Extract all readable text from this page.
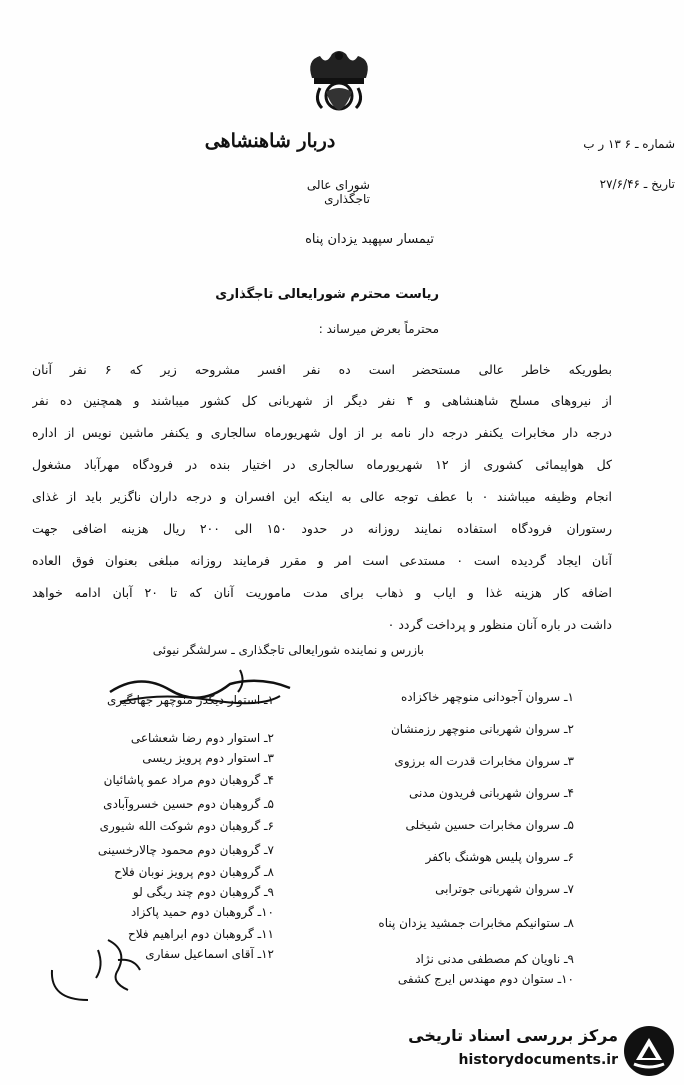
دربار شاهنشاهی
شورای عالی تاجگذاری
شماره ـ ۶ ۱۳ ر ب
تاریخ ـ ۲۷/۶/۴۶
تیمسار سپهبد یزدان پناه
ریاست محترم شورایعالی تاجگذاری
محترماً بعرض میرساند :
بطوریکه خاطر عالی مستحضر است ده نفر افسر مشروحه زیر که ۶ نفر آنان
از نیروهای مسلح شاهنشاهی و ۴ نفر دیگر از شهربانی کل کشور میباشند و همچنین ده نفر
درجه دار مخابرات یکنفر درجه دار نامه بر از اول شهریورماه سالجاری و یکنفر ماشین نویس از اداره
کل هواپیمائی کشوری از ۱۲ شهریورماه سالجاری در اختیار بنده در فرودگاه مهرآباد مشغول
انجام وظیفه میباشند ۰ با عطف توجه عالی به اینکه این افسران و درجه داران ناگزیر باید از غذای
رستوران فرودگاه استفاده نمایند روزانه در حدود ۱۵۰ الی ۲۰۰ ریال هزینه اضافی جهت
آنان ایجاد گردیده است ۰ مستدعی است امر و مقرر فرمایند روزانه مبلغی بعنوان فوق العاده
اضافه کار هزینه غذا و ایاب و ذهاب برای مدت ماموریت آنان که تا ۲۰ آبان ادامه خواهد
داشت در باره آنان منظور و پرداخت گردد ۰
بازرس و نماینده شورایعالی تاجگذاری ـ سرلشگر نیوئی
۱ـ سروان آجودانی منوچهر خاکزاده
۲ـ سروان شهربانی منوچهر رزمنشان
۳ـ سروان مخابرات قدرت اله برزوی
۴ـ سروان شهربانی فریدون مدنی
۵ـ سروان مخابرات حسین شیخلی
۶ـ سروان پلیس هوشنگ باکفر
۷ـ سروان شهربانی جوترابی
۸ـ ستوانیکم مخابرات جمشید یزدان پناه
۹ـ ناویان کم مصطفی مدنی نژاد
۱۰ـ ستوان دوم مهندس ایرج کشفی
۱ـ استوار دیکدر منوچهر جهانگیری
۲ـ استوار دوم رضا شعشاعی
۳ـ استوار دوم پرویز ریسی
۴ـ گروهبان دوم مراد عمو پاشائیان
۵ـ گروهبان دوم حسین خسروآبادی
۶ـ گروهبان دوم شوکت الله شیوری
۷ـ گروهبان دوم محمود چالارخسینی
۸ـ گروهبان دوم پرویز نوبان فلاح
۹ـ گروهبان دوم چند ریگی لو
۱۰ـ گروهبان دوم حمید پاکزاد
۱۱ـ گروهبان دوم ابراهیم فلاح
۱۲ـ آقای اسماعیل سفاری
مرکز بررسی اسناد تاریخی
historydocuments.ir
